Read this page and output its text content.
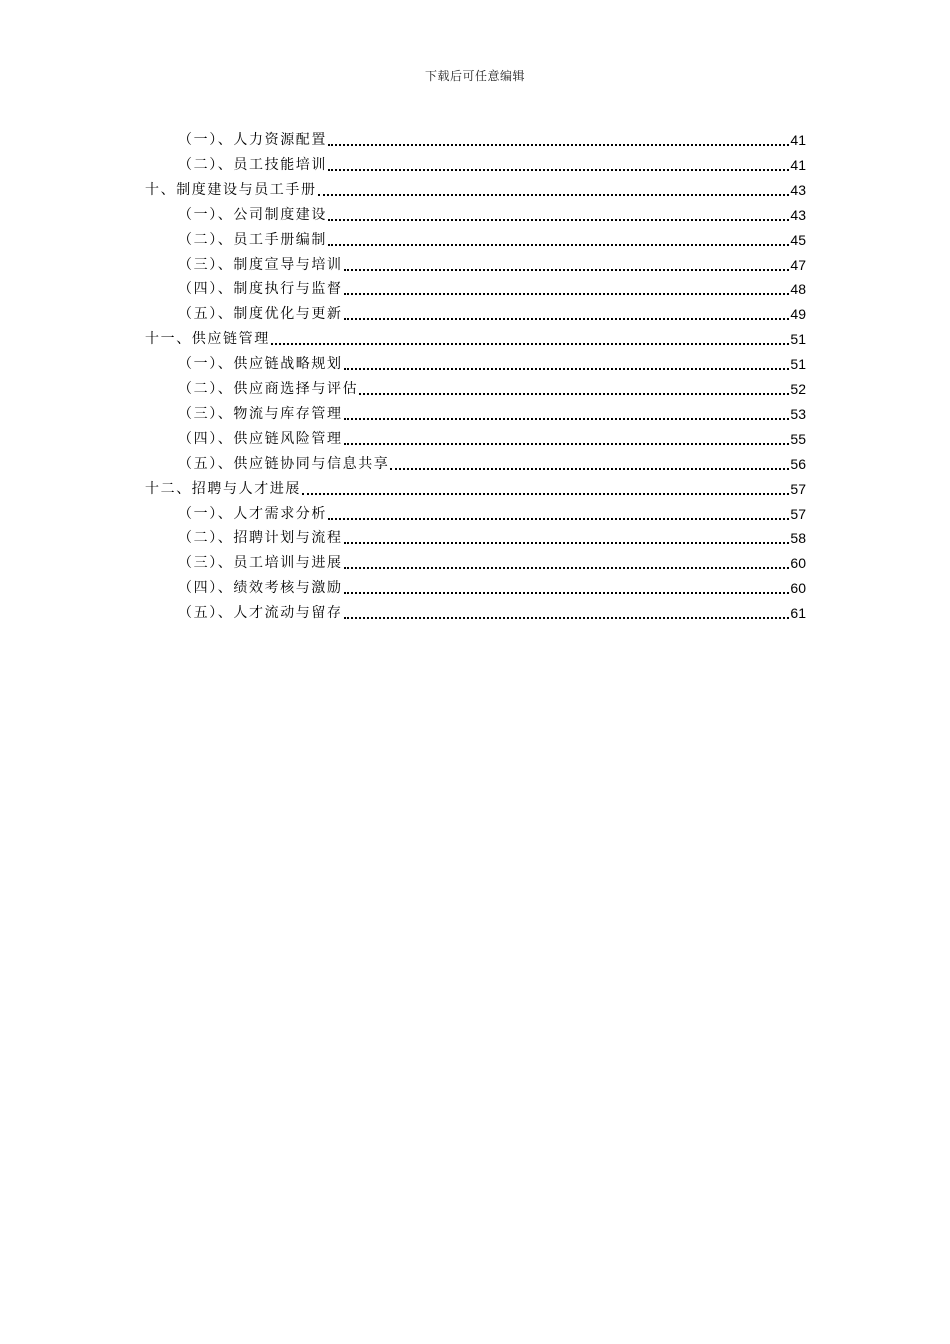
下载后可任意编辑
（一）、人力资源配置	41
（二）、员工技能培训	41
十、制度建设与员工手册	43
（一）、公司制度建设	43
（二）、员工手册编制	45
（三）、制度宣导与培训	47
（四）、制度执行与监督	48
（五）、制度优化与更新	49
十一、供应链管理	51
（一）、供应链战略规划	51
（二）、供应商选择与评估	52
（三）、物流与库存管理	53
（四）、供应链风险管理	55
（五）、供应链协同与信息共享	56
十二、招聘与人才进展	57
（一）、人才需求分析	57
（二）、招聘计划与流程	58
（三）、员工培训与进展	60
（四）、绩效考核与激励	60
（五）、人才流动与留存	61
